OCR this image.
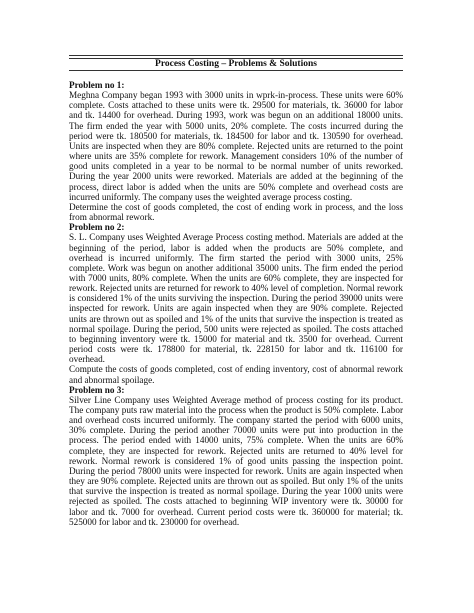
Process Costing – Problems & Solutions

Problem no 1:

Meghna Company began 1993 with 3000 units in wprk-in-process. These units were 60% complete. Costs attached to these units were tk. 29500 for materials, tk. 36000 for labor and tk. 14400 for overhead. During 1993, work was begun on an additional 18000 units. The firm ended the year with 5000 units, 20% complete. The costs incurred during the period were tk. 180500 for materials, tk. 184500 for labor and tk. 130590 for overhead. Units are inspected when they are 80% complete. Rejected units are returned to the point where units are 35% complete for rework. Management considers 10% of the number of good units completed in a year to be normal to be normal number of units reworked. During the year 2000 units were reworked. Materials are added at the beginning of the process, direct labor is added when the units are 50% complete and overhead costs are incurred uniformly. The company uses the weighted average process costing.

Determine the cost of goods completed, the cost of ending work in process, and the loss from abnormal rework.

Problem no 2:

S. L. Company uses Weighted Average Process costing method. Materials are added at the beginning of the period, labor is added when the products are 50% complete, and overhead is incurred uniformly. The firm started the period with 3000 units, 25% complete. Work was begun on another additional 35000 units. The firm ended the period with 7000 units, 80% complete. When the units are 60% complete, they are inspected for rework. Rejected units are returned for rework to 40% level of completion. Normal rework is considered 1% of the units surviving the inspection. During the period 39000 units were inspected for rework. Units are again inspected when they are 90% complete. Rejected units are thrown out as spoiled and 1% of the units that survive the inspection is treated as normal spoilage. During the period, 500 units were rejected as spoiled. The costs attached to beginning inventory were tk. 15000 for material and tk. 3500 for overhead. Current period costs were tk. 178800 for material, tk. 228150 for labor and tk. 116100 for overhead.

Compute the costs of goods completed, cost of ending inventory, cost of abnormal rework and abnormal spoilage.

Problem no 3:

Silver Line Company uses Weighted Average method of process costing for its product. The company puts raw material into the process when the product is 50% complete. Labor and overhead costs incurred uniformly. The company started the period with 6000 units, 30% complete. During the period another 70000 units were put into production in the process. The period ended with 14000 units, 75% complete. When the units are 60% complete, they are inspected for rework. Rejected units are returned to 40% level for rework. Normal rework is considered 1% of good units passing the inspection point. During the period 78000 units were inspected for rework. Units are again inspected when they are 90% complete. Rejected units are thrown out as spoiled. But only 1% of the units that survive the inspection is treated as normal spoilage. During the year 1000 units were rejected as spoiled. The costs attached to beginning WIP inventory were tk. 30000 for labor and tk. 7000 for overhead. Current period costs were tk. 360000 for material; tk. 525000 for labor and tk. 230000 for overhead.
